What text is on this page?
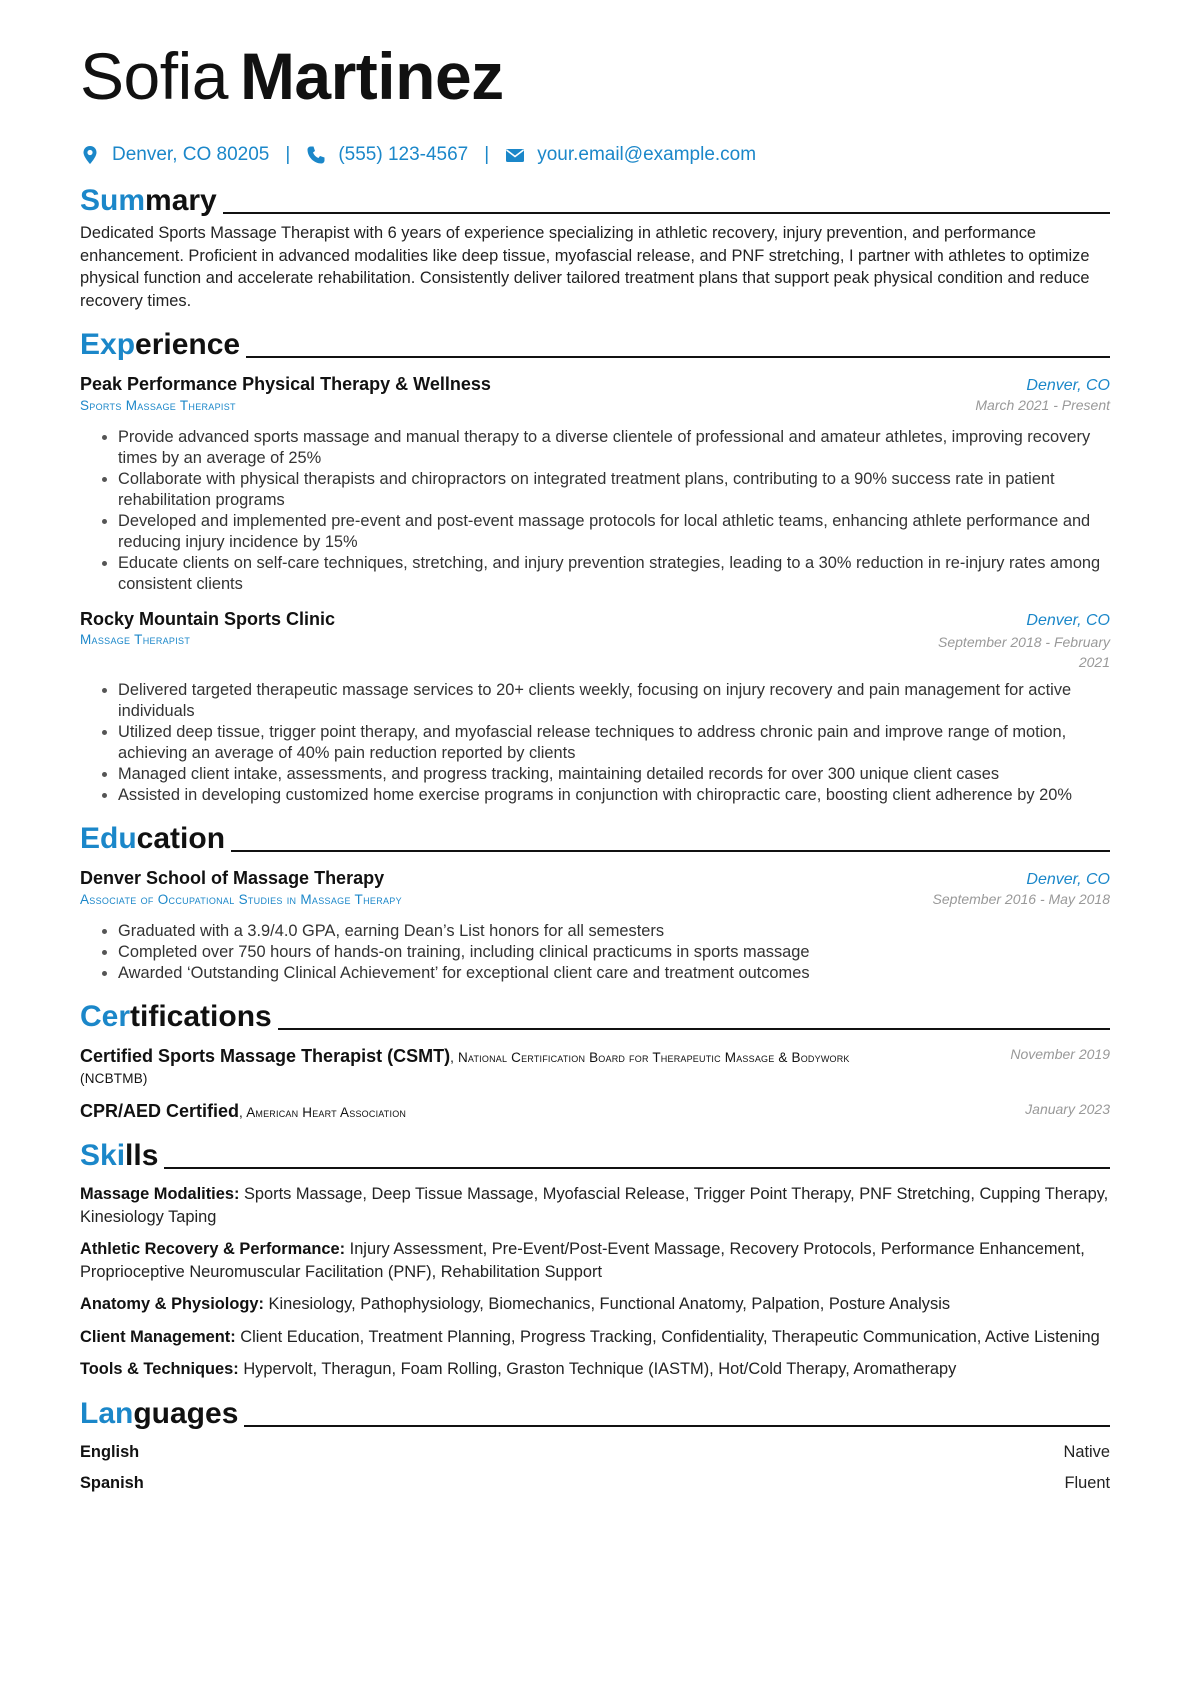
Sofia Martinez
Denver, CO 80205 |	(555) 123-4567 |	your.email@example.com
Summary
Dedicated Sports Massage Therapist with 6 years of experience specializing in athletic recovery, injury prevention, and performance enhancement. Proficient in advanced modalities like deep tissue, myofascial release, and PNF stretching, I partner with athletes to optimize physical function and accelerate rehabilitation. Consistently deliver tailored treatment plans that support peak physical condition and reduce recovery times.
Experience
Peak Performance Physical Therapy & Wellness	Denver, CO
Sports Massage Therapist	March 2021 - Present
• Provide advanced sports massage and manual therapy to a diverse clientele of professional and amateur athletes, improving recovery times by an average of 25%
• Collaborate with physical therapists and chiropractors on integrated treatment plans, contributing to a 90% success rate in patient rehabilitation programs
• Developed and implemented pre-event and post-event massage protocols for local athletic teams, enhancing athlete performance and reducing injury incidence by 15%
• Educate clients on self-care techniques, stretching, and injury prevention strategies, leading to a 30% reduction in re-injury rates among consistent clients
Rocky Mountain Sports Clinic	Denver, CO
Massage Therapist	September 2018 - February 2021
• Delivered targeted therapeutic massage services to 20+ clients weekly, focusing on injury recovery and pain management for active individuals
• Utilized deep tissue, trigger point therapy, and myofascial release techniques to address chronic pain and improve range of motion, achieving an average of 40% pain reduction reported by clients
• Managed client intake, assessments, and progress tracking, maintaining detailed records for over 300 unique client cases
• Assisted in developing customized home exercise programs in conjunction with chiropractic care, boosting client adherence by 20%
Education
Denver School of Massage Therapy	Denver, CO
Associate of Occupational Studies in Massage Therapy	September 2016 - May 2018
• Graduated with a 3.9/4.0 GPA, earning Dean’s List honors for all semesters
• Completed over 750 hours of hands-on training, including clinical practicums in sports massage
• Awarded ‘Outstanding Clinical Achievement’ for exceptional client care and treatment outcomes
Certifications
Certified Sports Massage Therapist (CSMT), National Certification Board for Therapeutic Massage & Bodywork (NCBTMB)
November 2019
CPR/AED Certified, American Heart Association	January 2023
Skills
Massage Modalities: Sports Massage, Deep Tissue Massage, Myofascial Release, Trigger Point Therapy, PNF Stretching, Cupping Therapy, Kinesiology Taping
Athletic Recovery & Performance: Injury Assessment, Pre-Event/Post-Event Massage, Recovery Protocols, Performance Enhancement, Proprioceptive Neuromuscular Facilitation (PNF), Rehabilitation Support
Anatomy & Physiology: Kinesiology, Pathophysiology, Biomechanics, Functional Anatomy, Palpation, Posture Analysis
Client Management: Client Education, Treatment Planning, Progress Tracking, Confidentiality, Therapeutic Communication, Active Listening
Tools & Techniques: Hypervolt, Theragun, Foam Rolling, Graston Technique (IASTM), Hot/Cold Therapy, Aromatherapy
Languages
English	Native
Spanish	Fluent
